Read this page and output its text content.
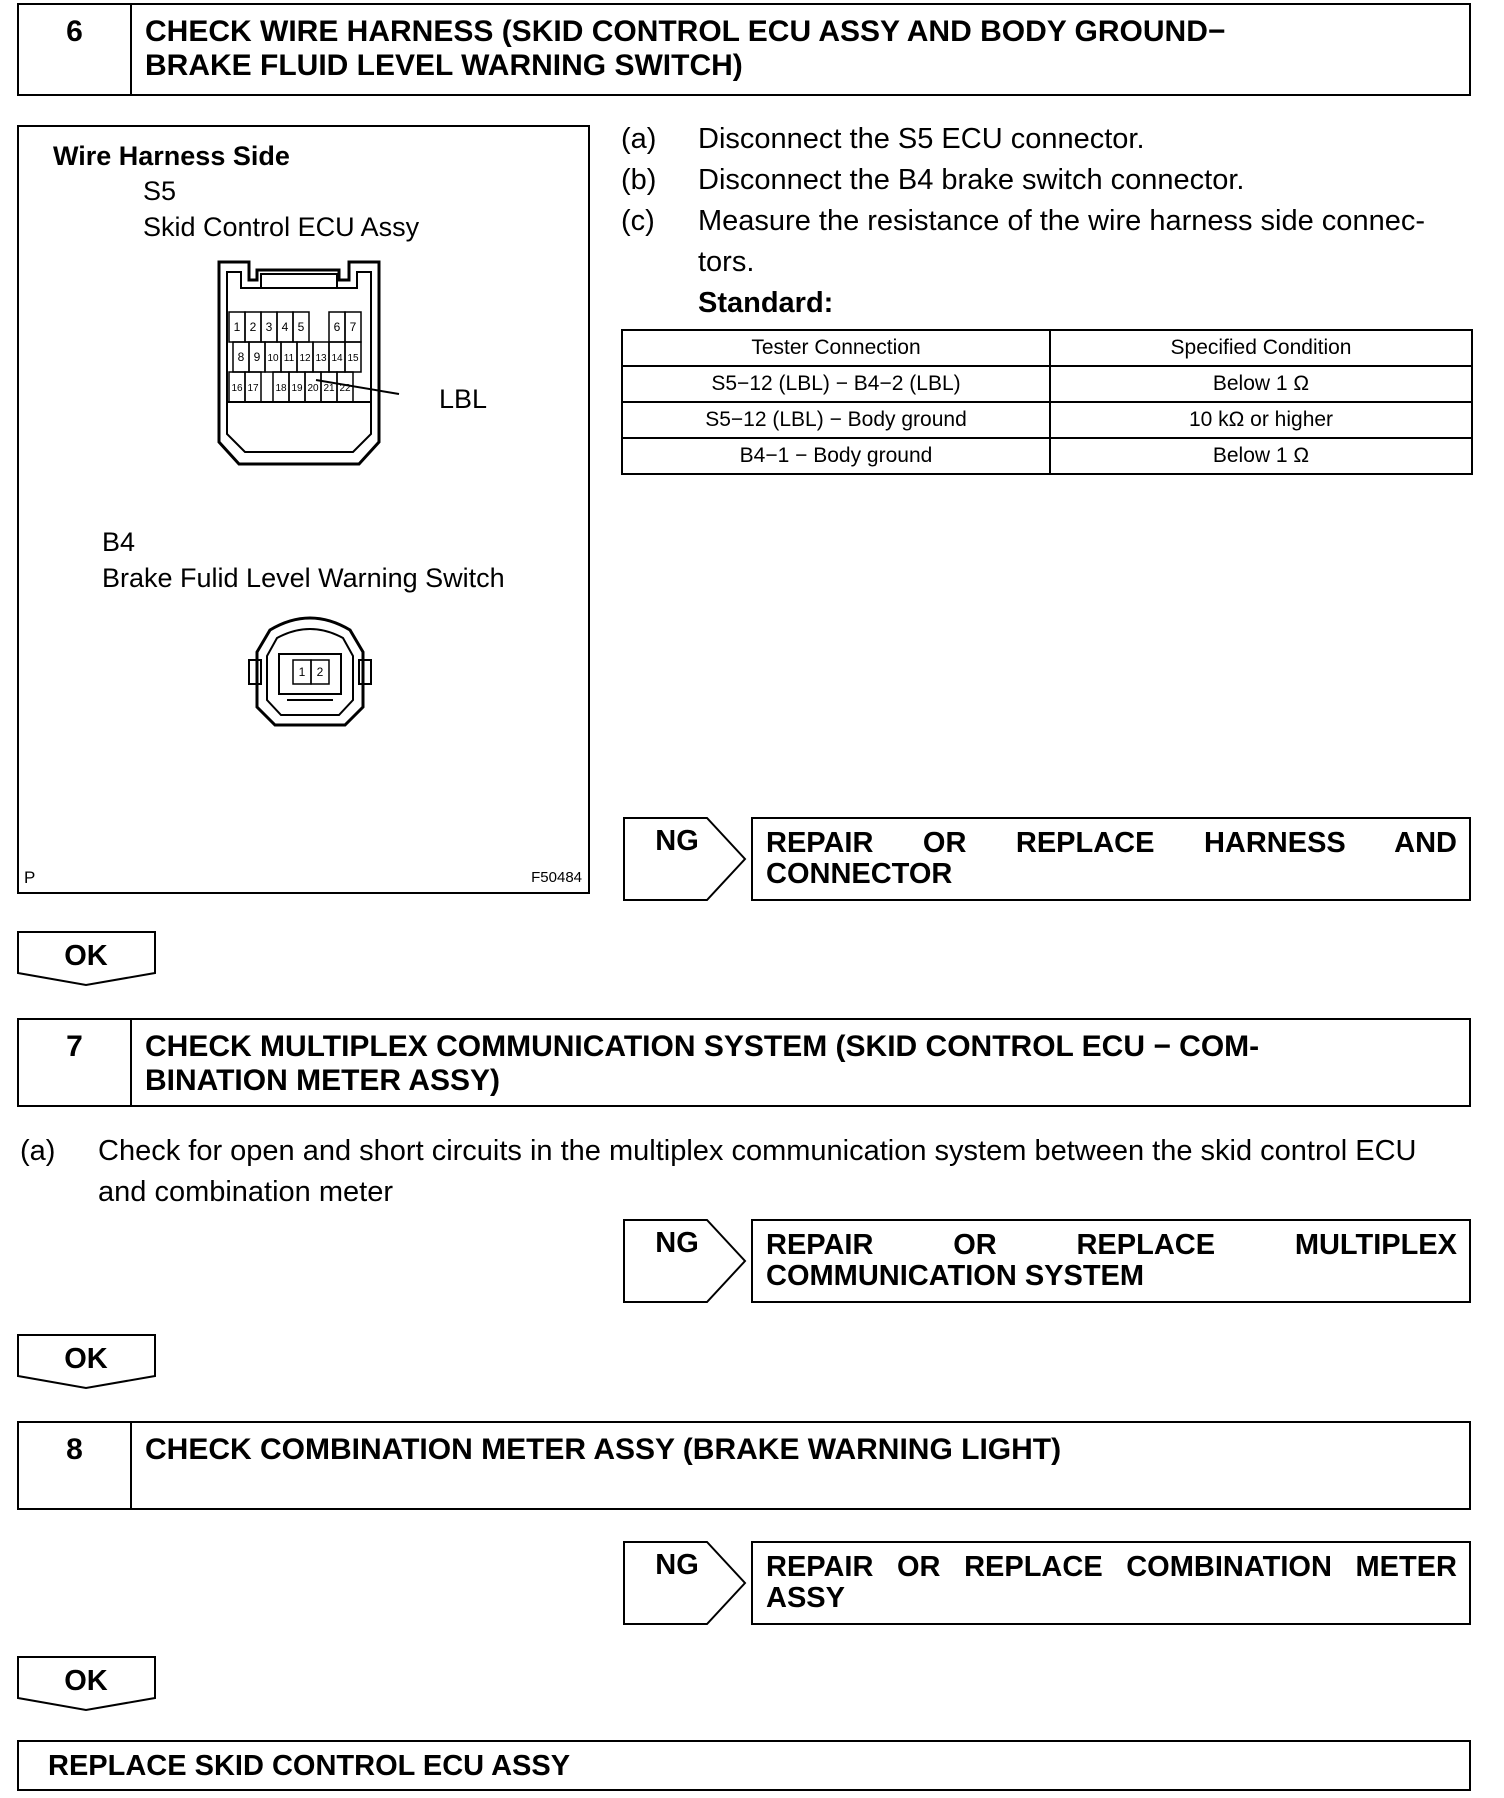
6	CHECK WIRE HARNESS (SKID CONTROL ECU ASSY AND BODY GROUND−
BRAKE FLUID LEVEL WARNING SWITCH)
Wire Harness Side
S5
Skid Control ECU Assy
1 2 3 4 5 6 7
8 9 10 11 12 13 14 15
16 17 18 19 20 21 22	LBL
B4
Brake Fulid Level Warning Switch
1 2
P	F50484
(a) Disconnect the S5 ECU connector.
(b) Disconnect the B4 brake switch connector.
(c) Measure the resistance of the wire harness side connec-
tors.
Standard:
Tester Connection	Specified Condition
S5−12 (LBL) − B4−2 (LBL)	Below 1 Ω
S5−12 (LBL) − Body ground	10 kΩ or higher
B4−1 − Body ground	Below 1 Ω
NG	REPAIR OR REPLACE HARNESS AND
CONNECTOR
OK
7	CHECK MULTIPLEX COMMUNICATION SYSTEM (SKID CONTROL ECU − COM-
BINATION METER ASSY)
(a) Check for open and short circuits in the multiplex communication system between the skid control ECU
and combination meter
NG	REPAIR OR REPLACE MULTIPLEX
COMMUNICATION SYSTEM
OK
8	CHECK COMBINATION METER ASSY (BRAKE WARNING LIGHT)
NG	REPAIR OR REPLACE COMBINATION METER
ASSY
OK
REPLACE SKID CONTROL ECU ASSY
